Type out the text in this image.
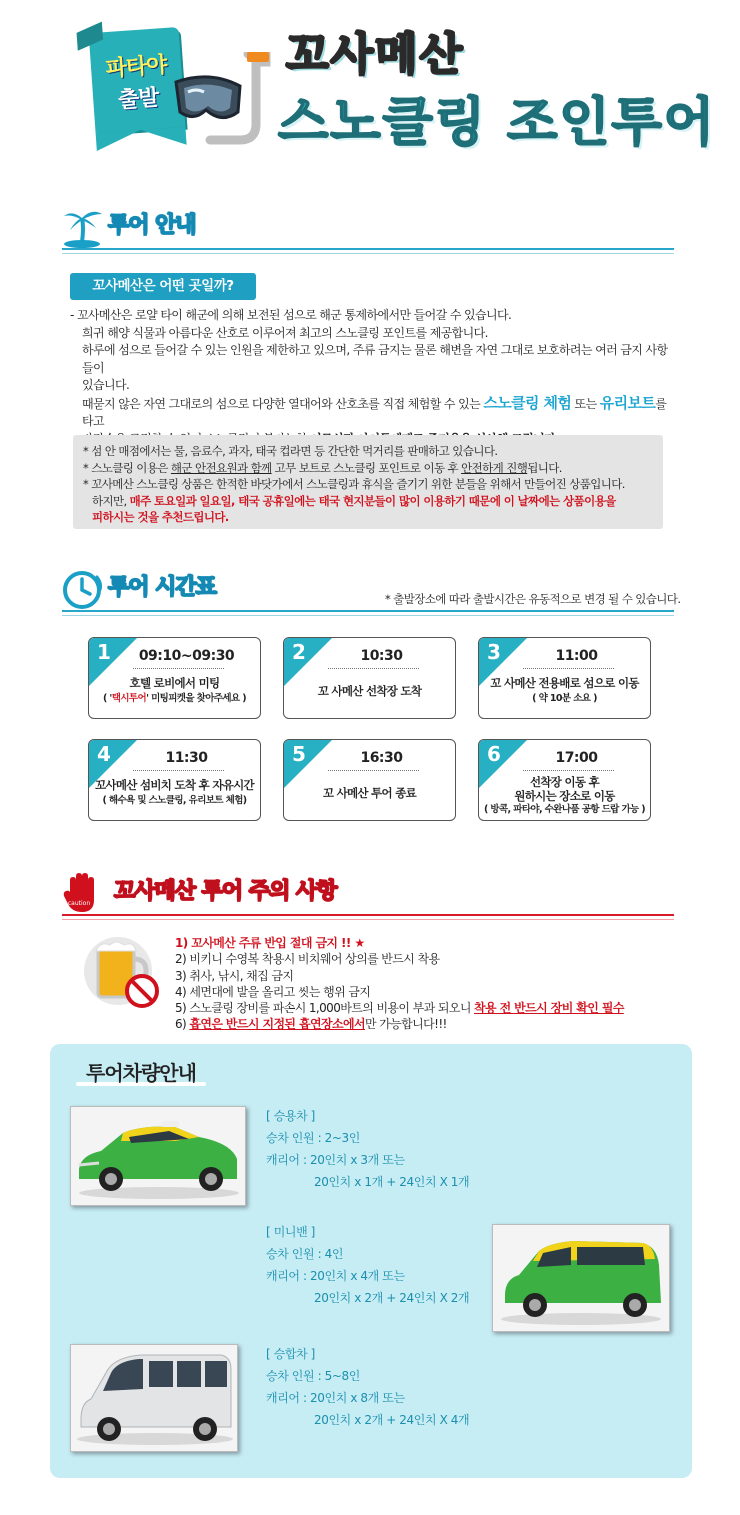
파타야
출발
꼬사메산
스노클링 조인투어
투어 안내
꼬사메산은 어떤 곳일까?
- 꼬사메산은 로얄 타이 해군에 의해 보전된 섬으로 해군 통제하에서만 들어갈 수 있습니다.
희귀 해양 식물과 아름다운 산호로 이루어져 최고의 스노클링 포인트를 제공합니다.
하루에 섬으로 들어갈 수 있는 인원을 제한하고 있으며, 주류 금지는 물론 해변을 자연 그대로 보호하려는 여러 금지 사항들이
있습니다.
때묻지 않은 자연 그대로의 섬으로 다양한 열대어와 산호초를 직접 체험할 수 있는 스노클링 체험 또는 유리보트를 타고
* 섬 안 매점에서는 물, 음료수, 과자, 태국 컵라면 등 간단한 먹거리를 판매하고 있습니다.
* 스노클링 이용은 해군 안전요원과 함께 고무 보트로 스노클링 포인트로 이동 후 안전하게 진행됩니다.
* 꼬사메산 스노클링 상품은 한적한 바닷가에서 스노클링과 휴식을 즐기기 위한 분들을 위해서 만들어진 상품입니다.
하지만, 매주 토요일과 일요일, 태국 공휴일에는 태국 현지분들이 많이 이용하기 때문에 이 날짜에는 상품이용을
피하시는 것을 추천드립니다.
투어 시간표	* 출발장소에 따라 출발시간은 유동적으로 변경 될 수 있습니다.
1	09:10~09:30
호텔 로비에서 미팅
( '택시투어' 미팅피켓을 찾아주세요 )
2	10:30
꼬 사메산 선착장 도착
3	11:00
꼬 사메산 전용배로 섬으로 이동
( 약 10분 소요 )
4	11:30
꼬사메산 섬비치 도착 후 자유시간
( 해수욕 및 스노클링, 유리보트 체험)
5	16:30
꼬 사메산 투어 종료
6	17:00
선착장 이동 후
원하시는 장소로 이동
( 방콕, 파타야, 수완나품 공항 드랍 가능 )
caution 꼬사메산 투어 주의 사항
1) 꼬사메산 주류 반입 절대 금지 !! ★
2) 비키니 수영복 착용시 비치웨어 상의를 반드시 착용
3) 취사, 낚시, 채집 금지
4) 세면대에 발을 올리고 씻는 행위 금지
5) 스노클링 장비를 파손시 1,000바트의 비용이 부과 되오니 착용 전 반드시 장비 확인 필수
6) 흡연은 반드시 지정된 흡연장소에서만 가능합니다!!!
투어차량안내
[ 승용차 ]
승차 인원 : 2~3인
캐리어 : 20인치 x 3개 또는
20인치 x 1개 + 24인치 X 1개
[ 미니밴 ]
승차 인원 : 4인
캐리어 : 20인치 x 4개 또는
20인치 x 2개 + 24인치 X 2개
[ 승합차 ]
승차 인원 : 5~8인
캐리어 : 20인치 x 8개 또는
20인치 x 2개 + 24인치 X 4개
